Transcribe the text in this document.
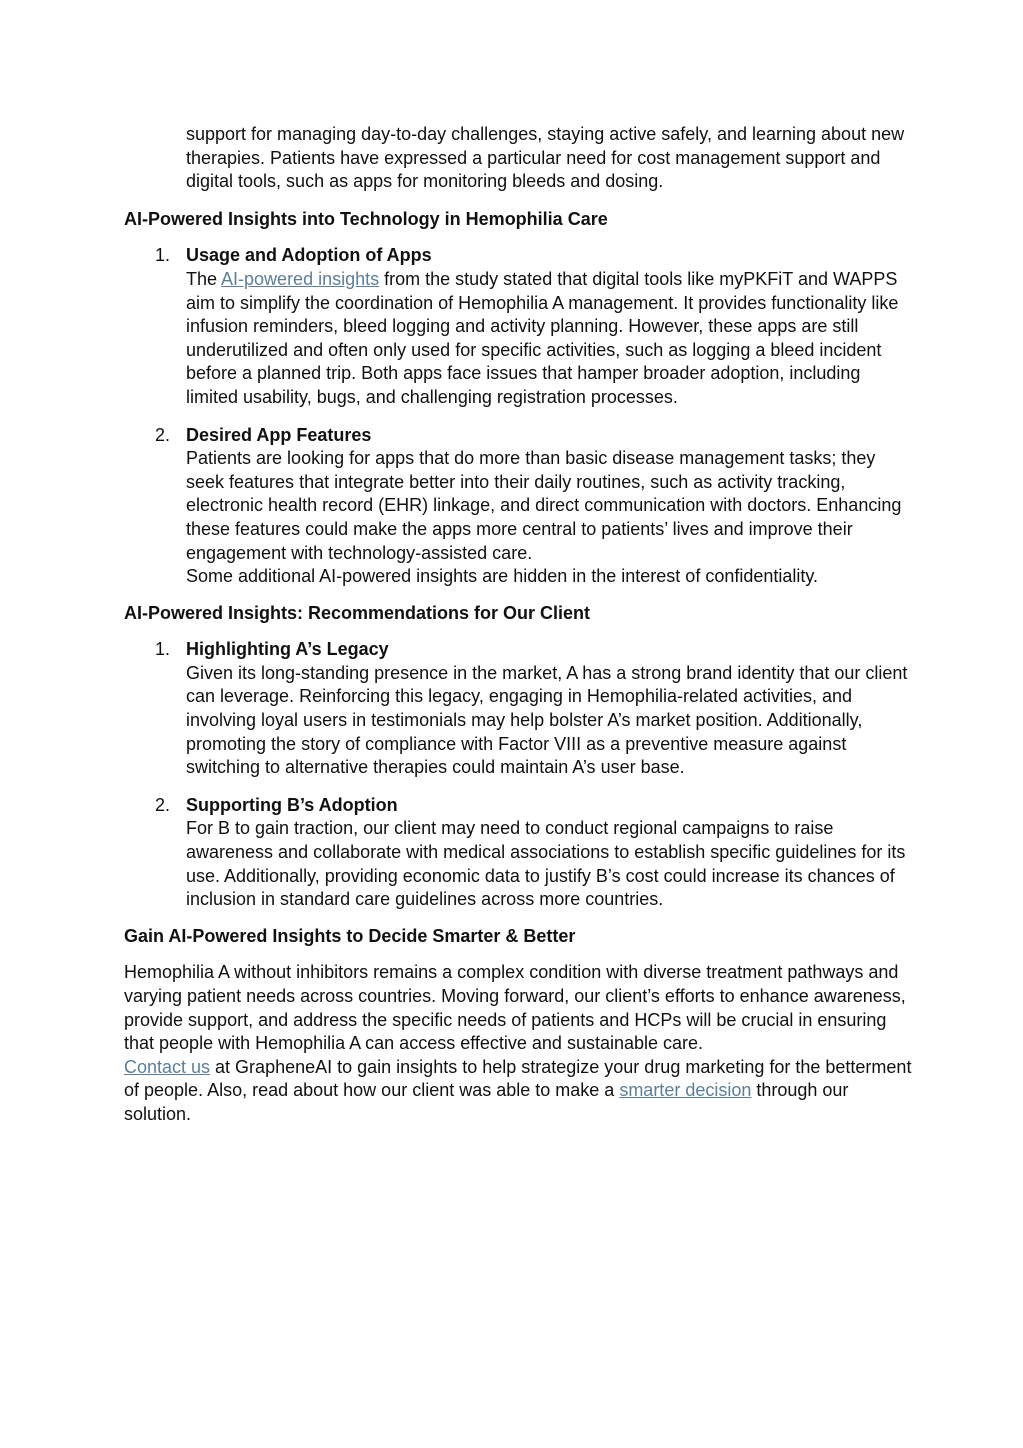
support for managing day-to-day challenges, staying active safely, and learning about new therapies. Patients have expressed a particular need for cost management support and digital tools, such as apps for monitoring bleeds and dosing.

AI-Powered Insights into Technology in Hemophilia Care
1. Usage and Adoption of Apps
The AI-powered insights from the study stated that digital tools like myPKFiT and WAPPS aim to simplify the coordination of Hemophilia A management. It provides functionality like infusion reminders, bleed logging and activity planning. However, these apps are still underutilized and often only used for specific activities, such as logging a bleed incident before a planned trip. Both apps face issues that hamper broader adoption, including limited usability, bugs, and challenging registration processes.
2. Desired App Features
Patients are looking for apps that do more than basic disease management tasks; they seek features that integrate better into their daily routines, such as activity tracking, electronic health record (EHR) linkage, and direct communication with doctors. Enhancing these features could make the apps more central to patients’ lives and improve their engagement with technology-assisted care.
Some additional AI-powered insights are hidden in the interest of confidentiality.
AI-Powered Insights: Recommendations for Our Client
1. Highlighting A’s Legacy
Given its long-standing presence in the market, A has a strong brand identity that our client can leverage. Reinforcing this legacy, engaging in Hemophilia-related activities, and involving loyal users in testimonials may help bolster A’s market position. Additionally, promoting the story of compliance with Factor VIII as a preventive measure against switching to alternative therapies could maintain A’s user base.
2. Supporting B’s Adoption
For B to gain traction, our client may need to conduct regional campaigns to raise awareness and collaborate with medical associations to establish specific guidelines for its use. Additionally, providing economic data to justify B’s cost could increase its chances of inclusion in standard care guidelines across more countries.
Gain AI-Powered Insights to Decide Smarter & Better

Hemophilia A without inhibitors remains a complex condition with diverse treatment pathways and varying patient needs across countries. Moving forward, our client’s efforts to enhance awareness, provide support, and address the specific needs of patients and HCPs will be crucial in ensuring that people with Hemophilia A can access effective and sustainable care.

Contact us at GrapheneAI to gain insights to help strategize your drug marketing for the betterment of people. Also, read about how our client was able to make a smarter decision through our solution.
